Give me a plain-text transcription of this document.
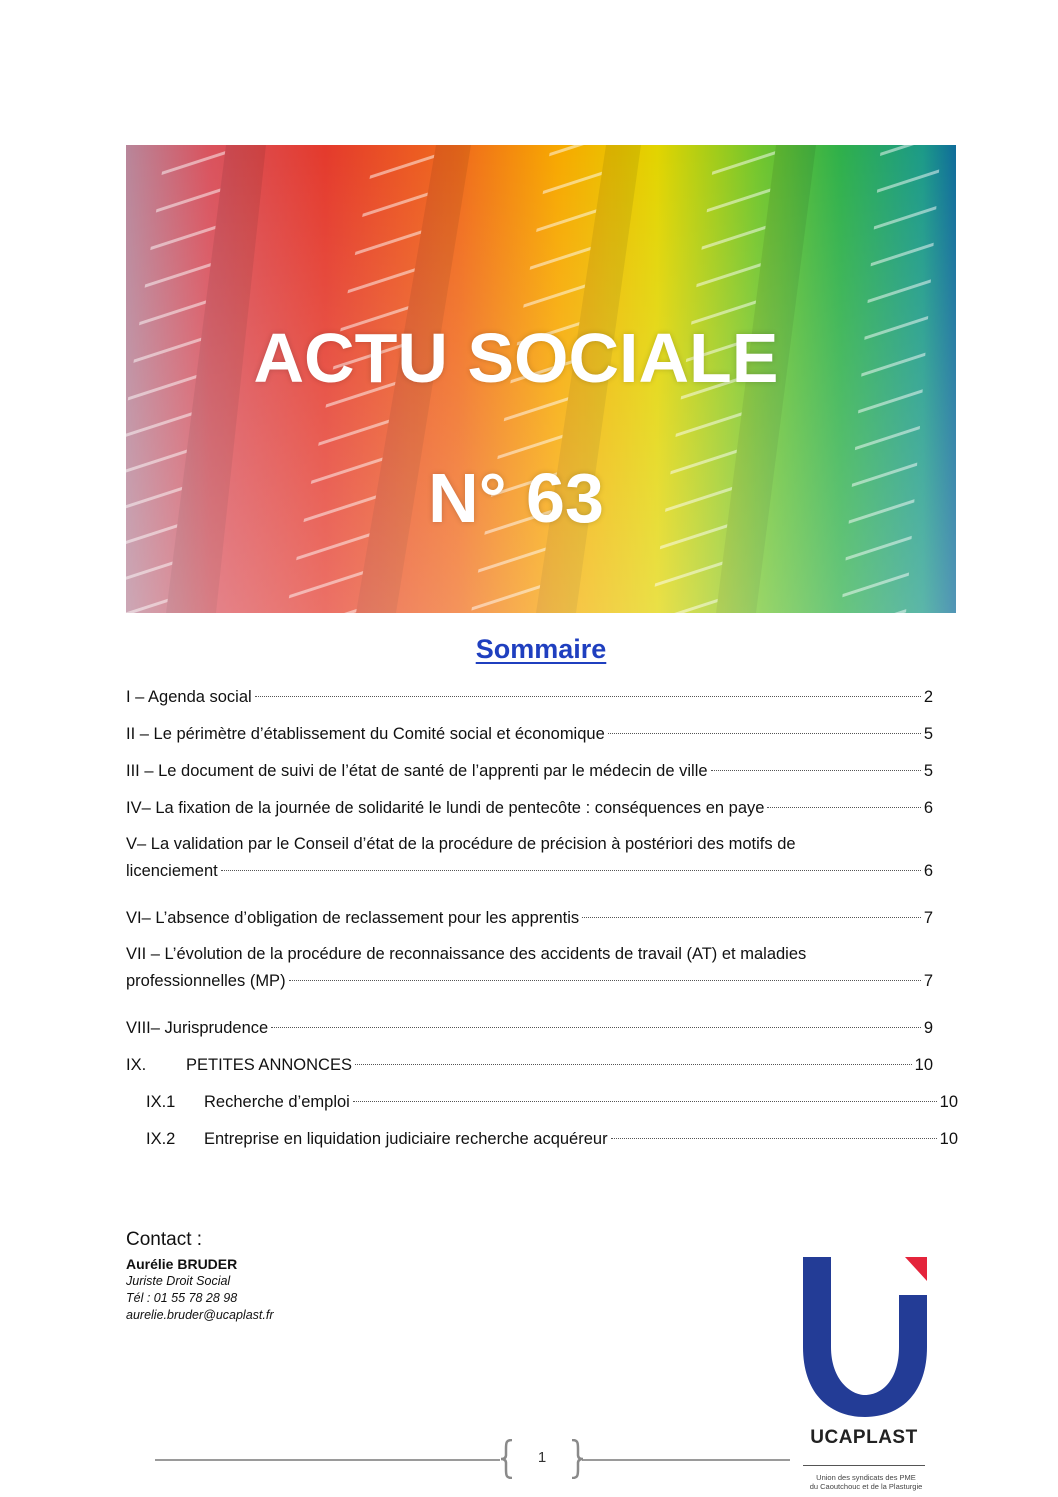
ACTU SOCIALE
N° 63
Sommaire
I – Agenda social	2
II – Le périmètre d’établissement du Comité social et économique	5
III – Le document de suivi de l’état de santé de l’apprenti par le médecin de ville	5
IV– La fixation de la journée de solidarité le lundi de pentecôte : conséquences en paye	6
V– La validation par le Conseil d’état de la procédure de précision à postériori des motifs de
licenciement	6
VI– L’absence d’obligation de reclassement pour les apprentis	7
VII – L’évolution de la procédure de reconnaissance des accidents de travail (AT) et maladies
professionnelles (MP)	7
VIII– Jurisprudence	9
IX. PETITES ANNONCES	10
IX.1 Recherche d’emploi	10
IX.2 Entreprise en liquidation judiciaire recherche acquéreur	10
Contact :
Aurélie BRUDER
Juriste Droit Social
Tél : 01 55 78 28 98
aurelie.bruder@ucaplast.fr
UCAPLAST
Union des syndicats des PME
du Caoutchouc et de la Plasturgie
1
